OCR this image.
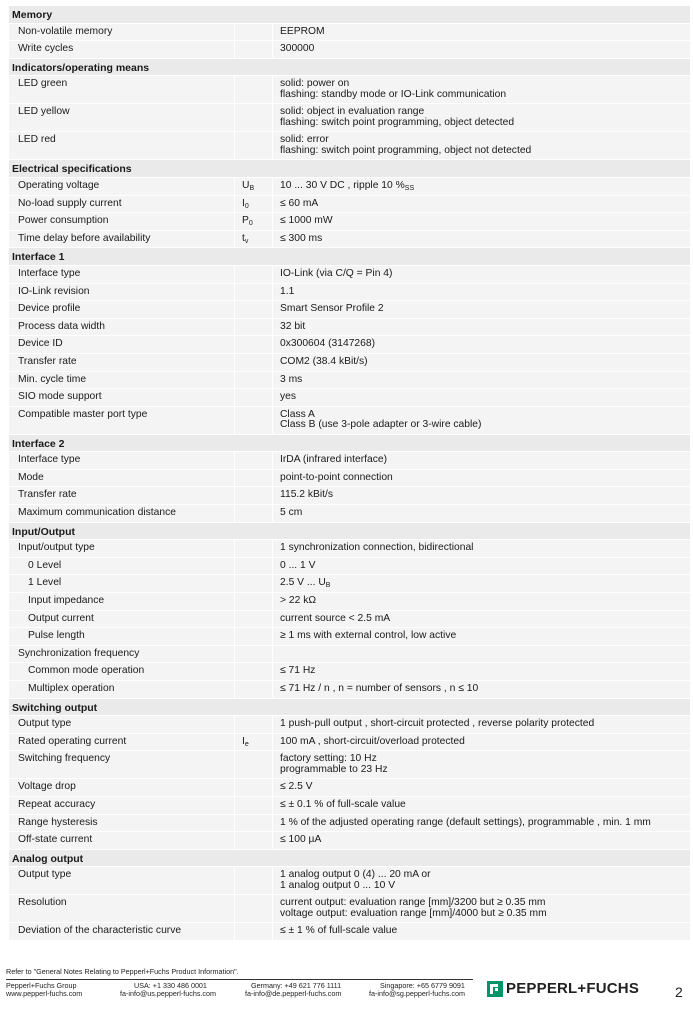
Memory
Non-volatile memory	EEPROM
Write cycles	300000
Indicators/operating means
LED green	solid: power on
flashing: standby mode or IO-Link communication
LED yellow	solid: object in evaluation range
flashing: switch point programming, object detected
LED red	solid: error
flashing: switch point programming, object not detected
Electrical specifications
Operating voltage	$U_B$	10 ... 30 V DC , ripple 10 $\%_{SS}$
No-load supply current	$I_0$	≤ 60 mA
Power consumption	$P_0$	≤ 1000 mW
Time delay before availability	$t_v$	≤ 300 ms
Interface 1
Interface type	IO-Link (via C/Q = Pin 4)
IO-Link revision	1.1
Device profile	Smart Sensor Profile 2
Process data width	32 bit
Device ID	0x300604 (3147268)
Transfer rate	COM2 (38.4 kBit/s)
Min. cycle time	3 ms
SIO mode support	yes
Compatible master port type	Class A
Class B (use 3-pole adapter or 3-wire cable)
Interface 2
Interface type	IrDA (infrared interface)
Mode	point-to-point connection
Transfer rate	115.2 kBit/s
Maximum communication distance	5 cm
Input/Output
Input/output type	1 synchronization connection, bidirectional
0 Level	0 ... 1 V
1 Level	2.5 V ... $U_B$
Input impedance	> 22 kΩ
Output current	current source < 2.5 mA
Pulse length	≥ 1 ms with external control, low active
Synchronization frequency
Common mode operation	≤ 71 Hz
Multiplex operation	≤ 71 Hz / n , n = number of sensors , n ≤ 10
Switching output
Output type	1 push-pull output , short-circuit protected , reverse polarity protected
Rated operating current	$I_e$	100 mA , short-circuit/overload protected
Switching frequency	factory setting: 10 Hz
programmable to 23 Hz
Voltage drop	≤ 2.5 V
Repeat accuracy	≤ ± 0.1 % of full-scale value
Range hysteresis	1 % of the adjusted operating range (default settings), programmable , min. 1 mm
Off-state current	≤ 100 µA
Analog output
Output type	1 analog output 0 (4) ... 20 mA or
1 analog output 0 ... 10 V
Resolution	current output: evaluation range [mm]/3200 but ≥ 0.35 mm
voltage output: evaluation range [mm]/4000 but ≥ 0.35 mm
Deviation of the characteristic curve	≤ ± 1 % of full-scale value
Refer to "General Notes Relating to Pepperl+Fuchs Product Information".
Pepperl+Fuchs Group
www.pepperl-fuchs.com
USA: +1 330 486 0001
fa-info@us.pepperl-fuchs.com
Germany: +49 621 776 1111
fa-info@de.pepperl-fuchs.com
Singapore: +65 6779 9091
fa-info@sg.pepperl-fuchs.com	PEPPERL+FUCHS	2
